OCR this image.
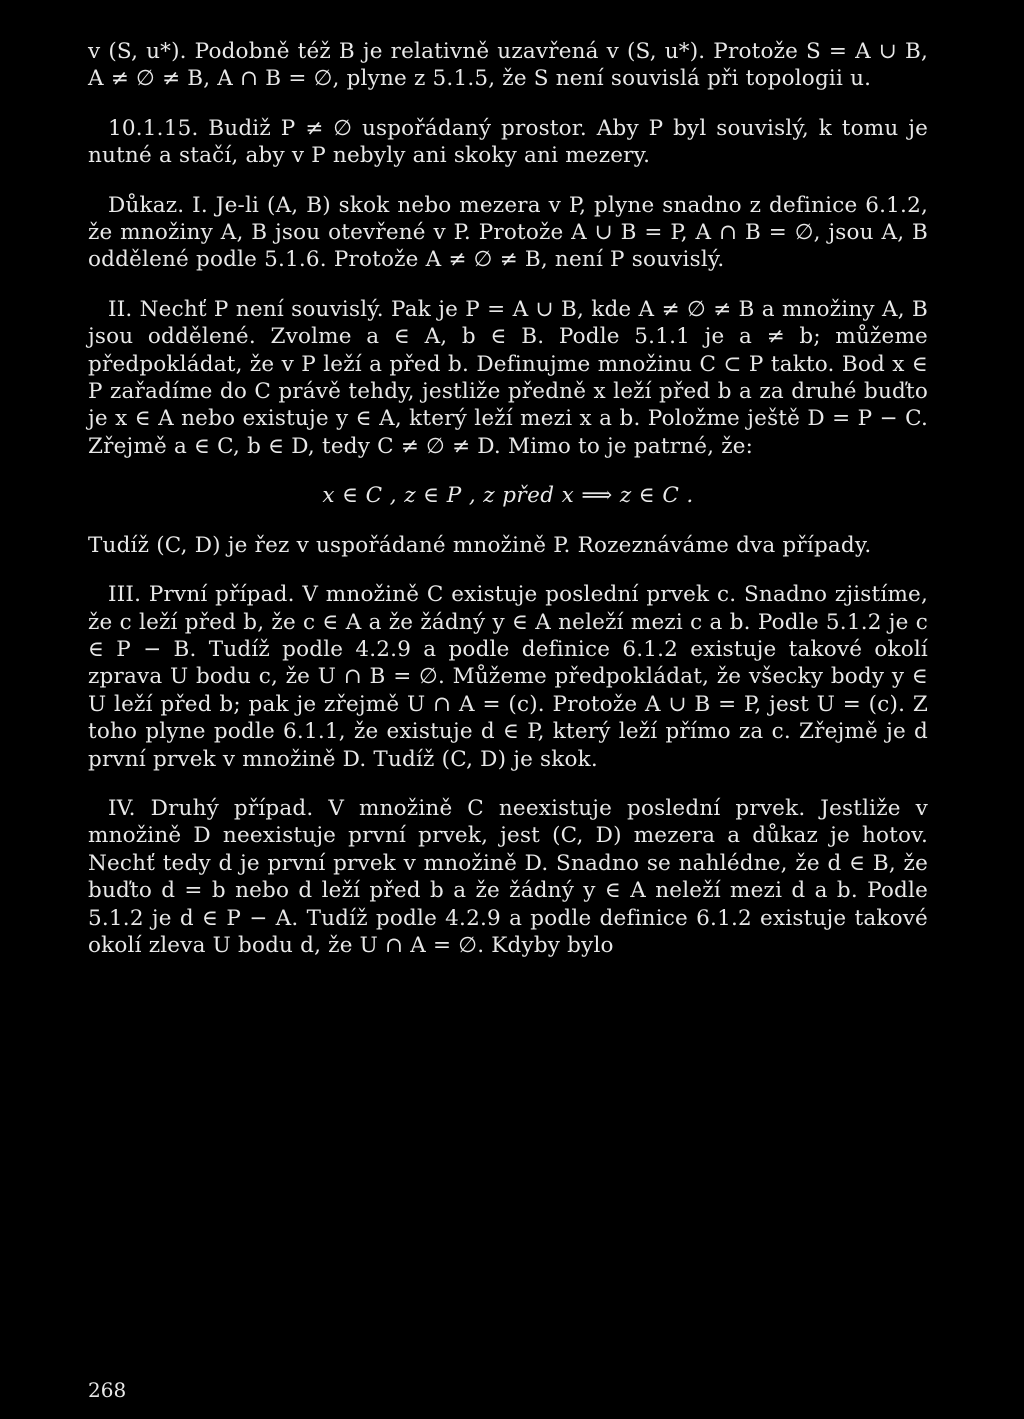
v (S, u*). Podobně též B je relativně uzavřená v (S, u*). Protože S = A ∪ B, A ≠ ∅ ≠ B, A ∩ B = ∅, plyne z 5.1.5, že S není souvislá při topologii u.

10.1.15. Budiž P ≠ ∅ uspořádaný prostor. Aby P byl souvislý, k tomu je nutné a stačí, aby v P nebyly ani skoky ani mezery.

Důkaz. I. Je-li (A, B) skok nebo mezera v P, plyne snadno z definice 6.1.2, že množiny A, B jsou otevřené v P. Protože A ∪ B = P, A ∩ B = ∅, jsou A, B oddělené podle 5.1.6. Protože A ≠ ∅ ≠ B, není P souvislý.

II. Nechť P není souvislý. Pak je P = A ∪ B, kde A ≠ ∅ ≠ B a množiny A, B jsou oddělené. Zvolme a ∈ A, b ∈ B. Podle 5.1.1 je a ≠ b; můžeme předpokládat, že v P leží a před b. Definujme množinu C ⊂ P takto. Bod x ∈ P zařadíme do C právě tehdy, jestliže předně x leží před b a za druhé buďto je x ∈ A nebo existuje y ∈ A, který leží mezi x a b. Položme ještě D = P − C. Zřejmě a ∈ C, b ∈ D, tedy C ≠ ∅ ≠ D. Mimo to je patrné, že:

x ∈ C , z ∈ P , z před x ⟹ z ∈ C .

Tudíž (C, D) je řez v uspořádané množině P. Rozeznáváme dva případy.

III. První případ. V množině C existuje poslední prvek c. Snadno zjistíme, že c leží před b, že c ∈ A a že žádný y ∈ A neleží mezi c a b. Podle 5.1.2 je c ∈ P − B. Tudíž podle 4.2.9 a podle definice 6.1.2 existuje takové okolí zprava U bodu c, že U ∩ B = ∅. Můžeme předpokládat, že všecky body y ∈ U leží před b; pak je zřejmě U ∩ A = (c). Protože A ∪ B = P, jest U = (c). Z toho plyne podle 6.1.1, že existuje d ∈ P, který leží přímo za c. Zřejmě je d první prvek v množině D. Tudíž (C, D) je skok.

IV. Druhý případ. V množině C neexistuje poslední prvek. Jestliže v množině D neexistuje první prvek, jest (C, D) mezera a důkaz je hotov. Nechť tedy d je první prvek v množině D. Snadno se nahlédne, že d ∈ B, že buďto d = b nebo d leží před b a že žádný y ∈ A neleží mezi d a b. Podle 5.1.2 je d ∈ P − A. Tudíž podle 4.2.9 a podle definice 6.1.2 existuje takové okolí zleva U bodu d, že U ∩ A = ∅. Kdyby bylo

268
